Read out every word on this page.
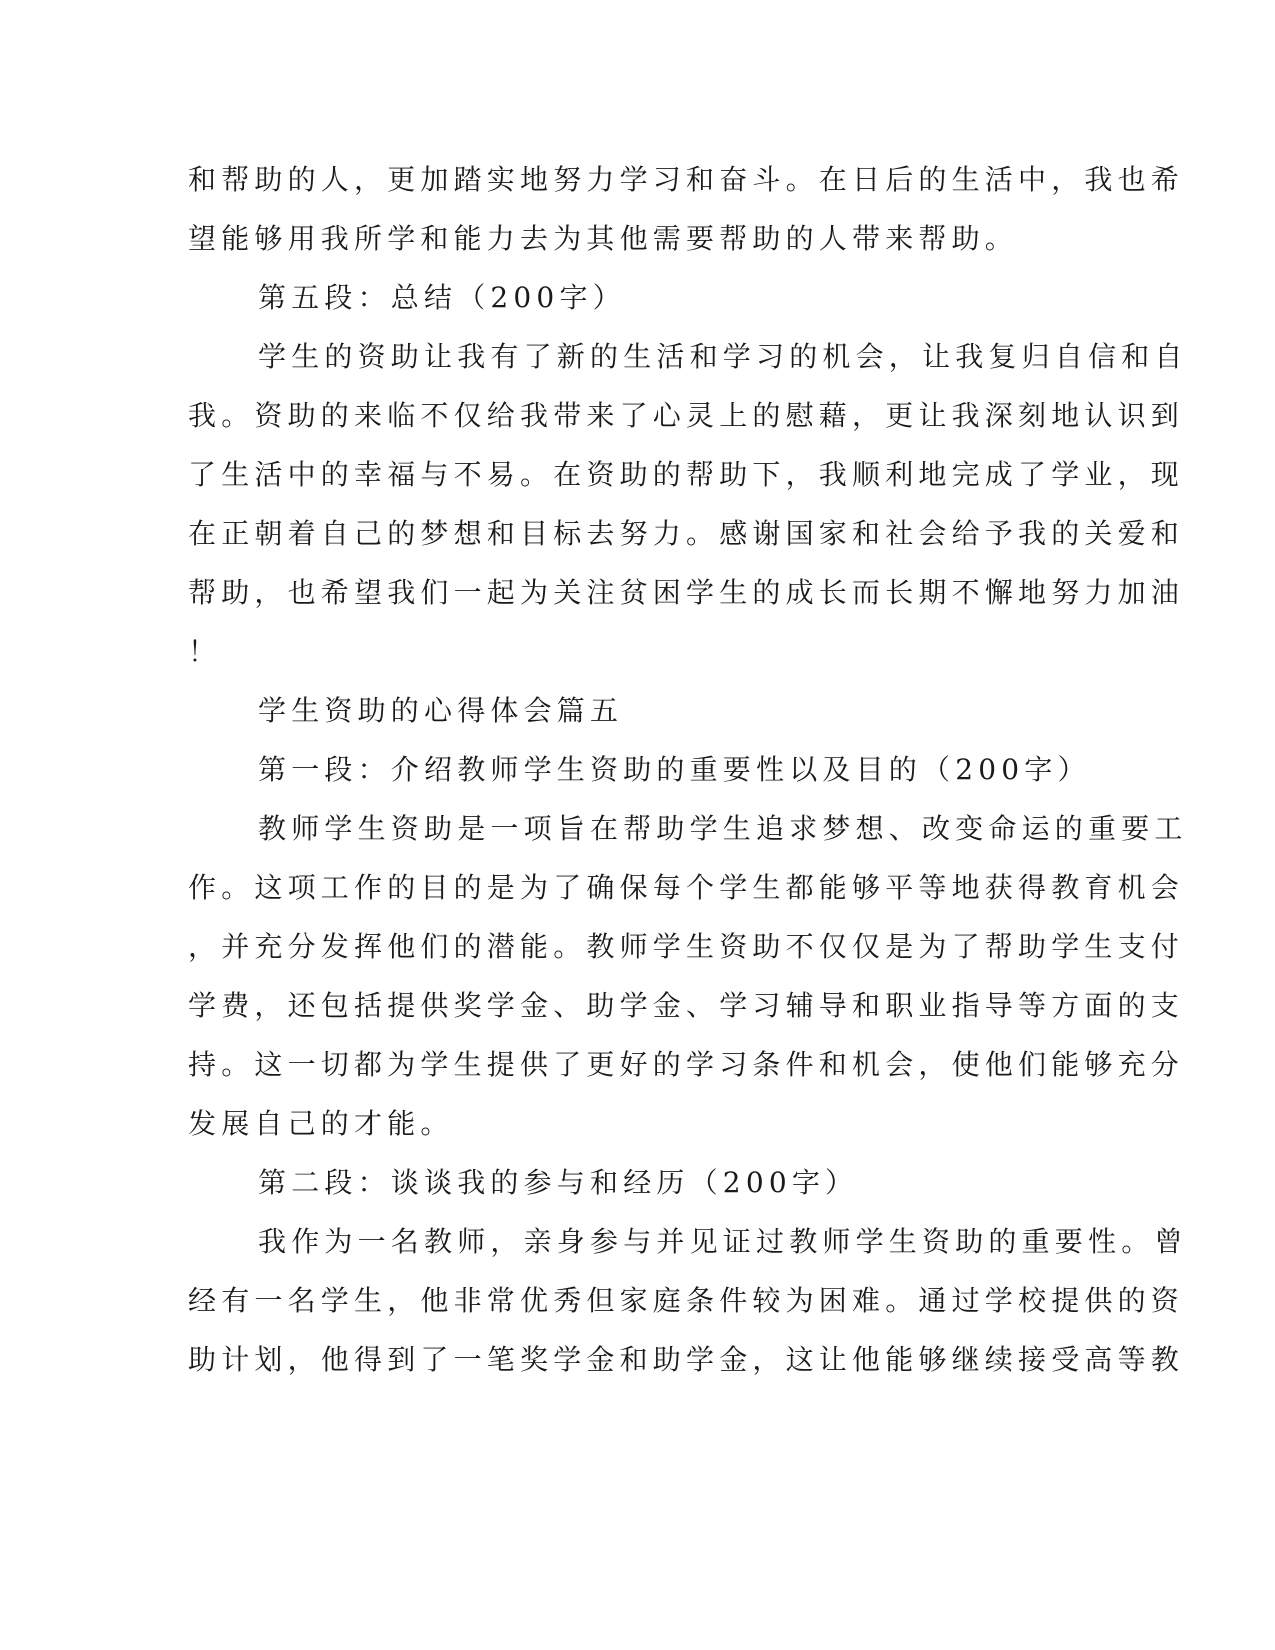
和帮助的人，更加踏实地努力学习和奋斗。在日后的生活中，我也希

望能够用我所学和能力去为其他需要帮助的人带来帮助。

第五段：总结（200字）

学生的资助让我有了新的生活和学习的机会，让我复归自信和自

我。资助的来临不仅给我带来了心灵上的慰藉，更让我深刻地认识到

了生活中的幸福与不易。在资助的帮助下，我顺利地完成了学业，现

在正朝着自己的梦想和目标去努力。感谢国家和社会给予我的关爱和

帮助，也希望我们一起为关注贫困学生的成长而长期不懈地努力加油

！

学生资助的心得体会篇五

第一段：介绍教师学生资助的重要性以及目的（200字）

教师学生资助是一项旨在帮助学生追求梦想、改变命运的重要工

作。这项工作的目的是为了确保每个学生都能够平等地获得教育机会

，并充分发挥他们的潜能。教师学生资助不仅仅是为了帮助学生支付

学费，还包括提供奖学金、助学金、学习辅导和职业指导等方面的支

持。这一切都为学生提供了更好的学习条件和机会，使他们能够充分

发展自己的才能。

第二段：谈谈我的参与和经历（200字）

我作为一名教师，亲身参与并见证过教师学生资助的重要性。曾

经有一名学生，他非常优秀但家庭条件较为困难。通过学校提供的资

助计划，他得到了一笔奖学金和助学金，这让他能够继续接受高等教
